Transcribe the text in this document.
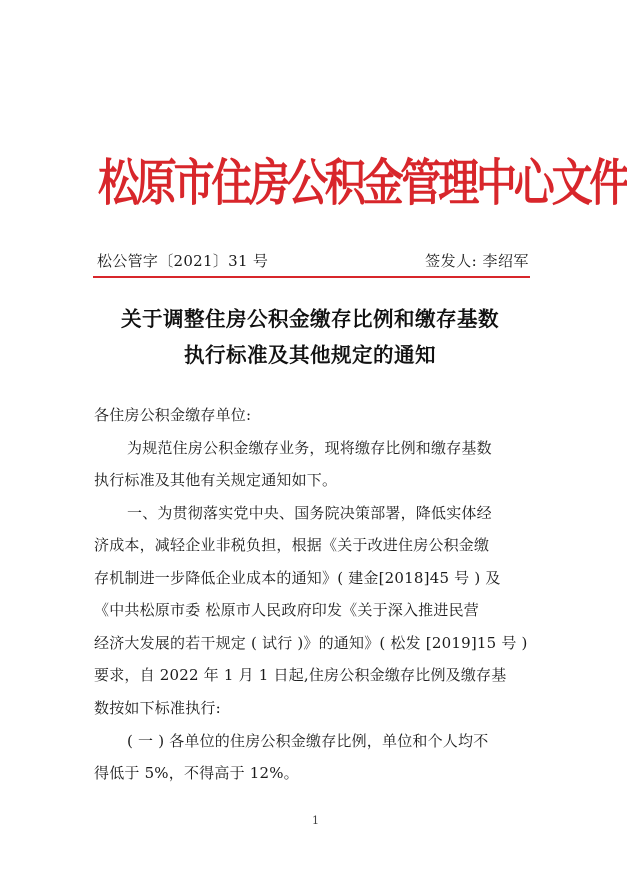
松原市住房公积金管理中心文件
松公管字〔2021〕31 号	签发人: 李绍军
关于调整住房公积金缴存比例和缴存基数
执行标准及其他规定的通知
各住房公积金缴存单位:
为规范住房公积金缴存业务，现将缴存比例和缴存基数
执行标准及其他有关规定通知如下。
一、为贯彻落实党中央、国务院决策部署，降低实体经
济成本，减轻企业非税负担，根据《关于改进住房公积金缴
存机制进一步降低企业成本的通知》( 建金[2018]45 号 ) 及
《中共松原市委 松原市人民政府印发《关于深入推进民营
经济大发展的若干规定 ( 试行 )》的通知》( 松发 [2019]15 号 )
要求，自 2022 年 1 月 1 日起,住房公积金缴存比例及缴存基
数按如下标准执行:
( 一 ) 各单位的住房公积金缴存比例，单位和个人均不
得低于 5%，不得高于 12%。
1
